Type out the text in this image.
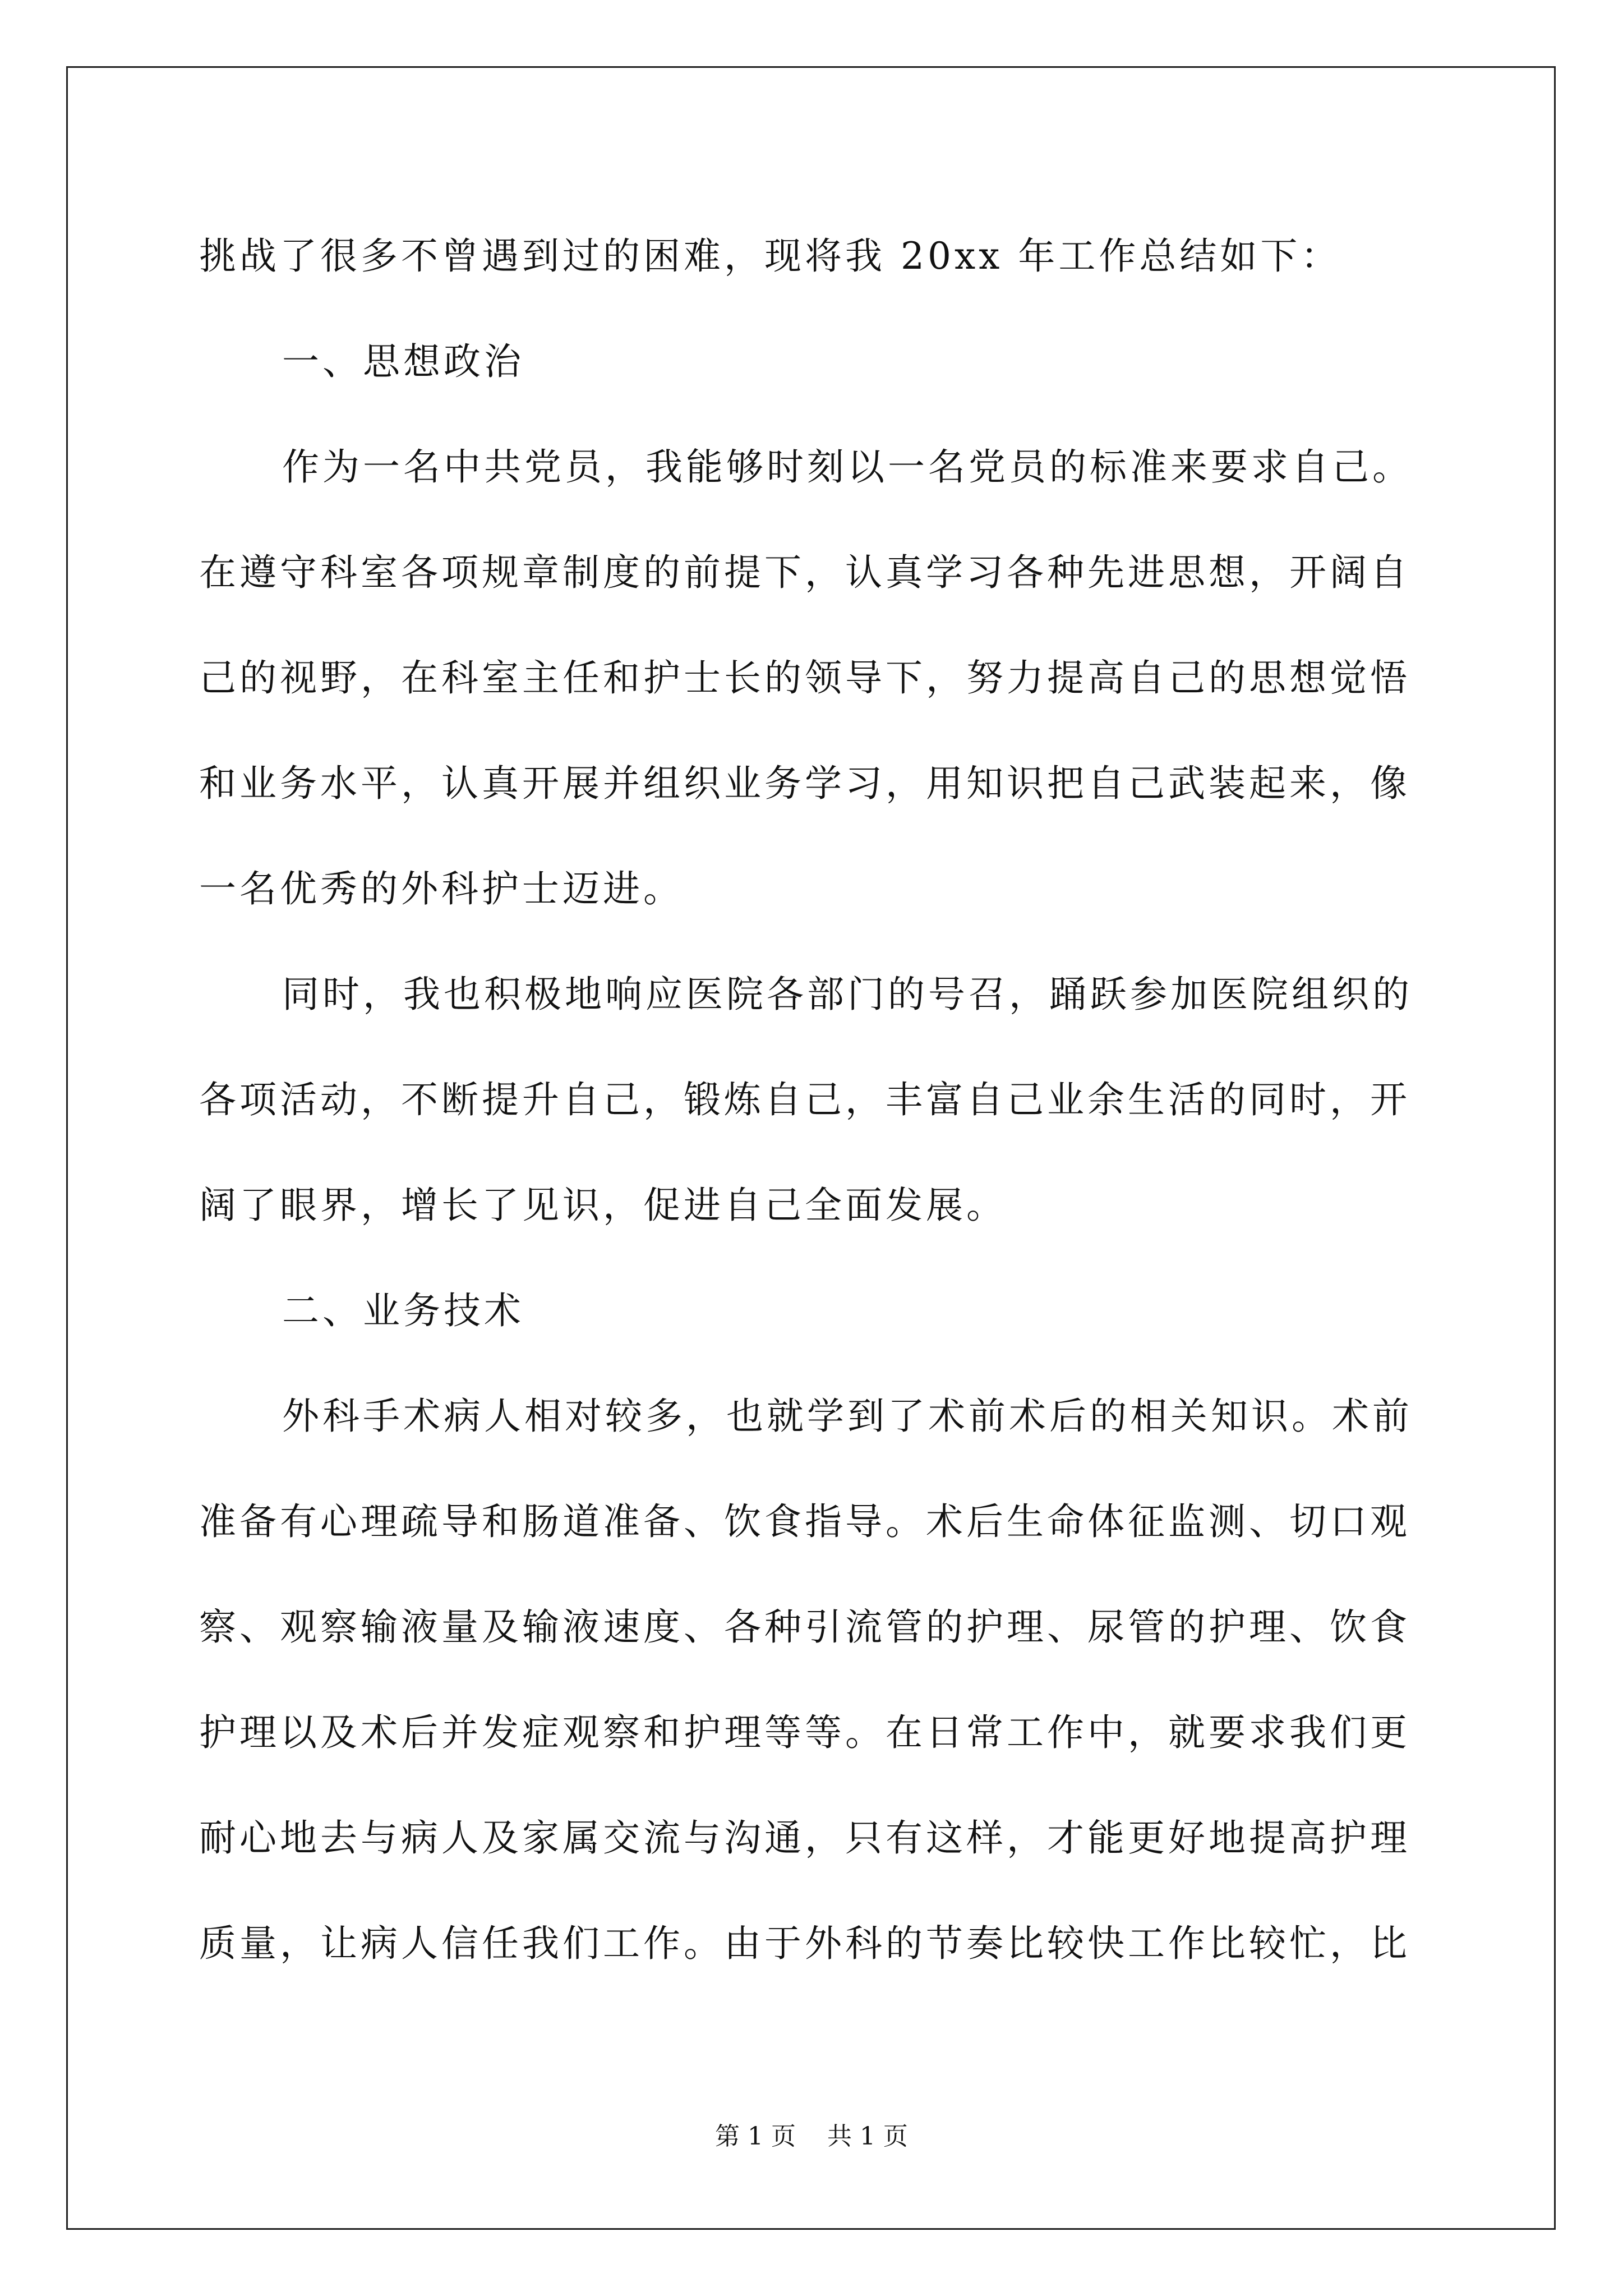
挑战了很多不曾遇到过的困难，现将我 20xx 年工作总结如下：
一、思想政治
作为一名中共党员，我能够时刻以一名党员的标准来要求自己。
在遵守科室各项规章制度的前提下，认真学习各种先进思想，开阔自
己的视野，在科室主任和护士长的领导下，努力提高自己的思想觉悟
和业务水平，认真开展并组织业务学习，用知识把自己武装起来，像
一名优秀的外科护士迈进。
同时，我也积极地响应医院各部门的号召，踊跃参加医院组织的
各项活动，不断提升自己，锻炼自己，丰富自己业余生活的同时，开
阔了眼界，增长了见识，促进自己全面发展。
二、业务技术
外科手术病人相对较多，也就学到了术前术后的相关知识。术前
准备有心理疏导和肠道准备、饮食指导。术后生命体征监测、切口观
察、观察输液量及输液速度、各种引流管的护理、尿管的护理、饮食
护理以及术后并发症观察和护理等等。在日常工作中，就要求我们更
耐心地去与病人及家属交流与沟通，只有这样，才能更好地提高护理
质量，让病人信任我们工作。由于外科的节奏比较快工作比较忙，比
第 1 页    共 1 页
